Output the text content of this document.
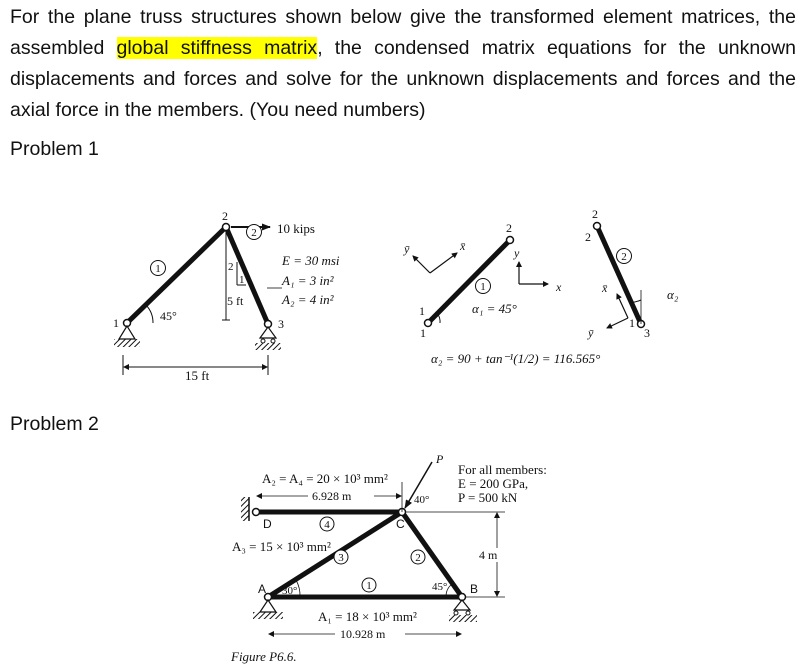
For the plane truss structures shown below give the transformed element matrices, the assembled global stiffness matrix, the condensed matrix equations for the unknown displacements and forces and solve for the unknown displacements and forces and the axial force in the members. (You need numbers)
Problem 1
Problem 2
10 kips
1
2
3
1
2
2
1
5 ft
E = 30 msi
A₁ = 3 in²
A₂ = 4 in²
45°
15 ft
1
1
2
1
ȳ	x̄	y
x
α₁ = 45°
2
2
3
2
x̄
ȳ
1
α₂
α₂ = 90 + tan⁻¹(1/2) = 116.565°
D	C
A	B
4
3	2
1
P
40°
30°	45°
6.928 m
A₂ = A₄ = 20 × 10³ mm²
A₃ = 15 × 10³ mm²
A₁ = 18 × 10³ mm²
10.928 m
4 m
For all members:
E = 200 GPa,
P = 500 kN
Figure P6.6.
